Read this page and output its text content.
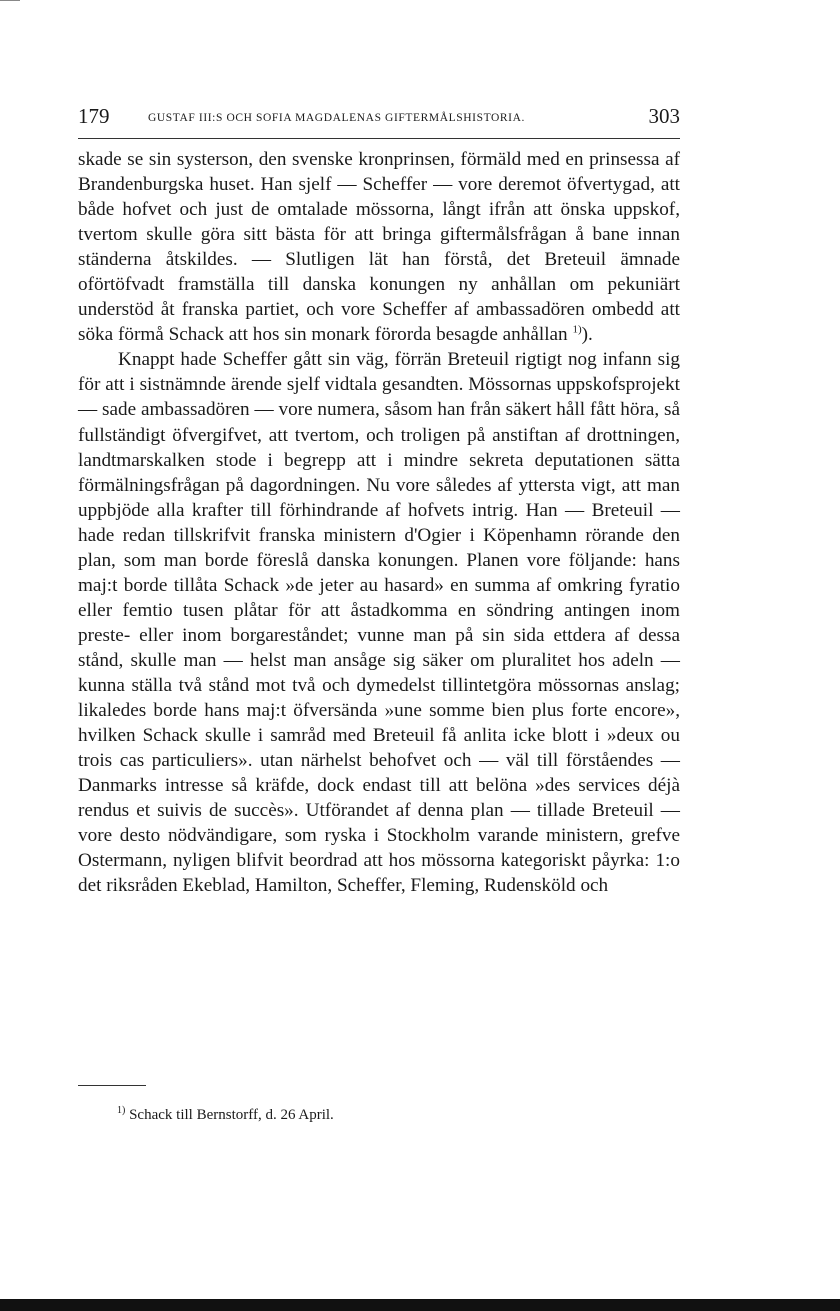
179	GUSTAF III:S OCH SOFIA MAGDALENAS GIFTERMÅLSHISTORIA.	303

skade se sin systerson, den svenske kronprinsen, förmäld med en prinsessa af Brandenburgska huset. Han sjelf — Scheffer — vore deremot öfvertygad, att både hofvet och just de omtalade mössorna, långt ifrån att önska uppskof, tvertom skulle göra sitt bästa för att bringa giftermålsfrågan å bane innan ständerna åtskildes. — Slutligen lät han förstå, det Breteuil ämnade oförtöfvadt framställa till danska konungen ny anhållan om pekuniärt understöd åt franska partiet, och vore Scheffer af ambassadören ombedd att söka förmå Schack att hos sin monark förorda besagde anhållan $^{1)}$).

Knappt hade Scheffer gått sin väg, förrän Breteuil rigtigt nog infann sig för att i sistnämnde ärende sjelf vidtala gesandten. Mössornas uppskofsprojekt — sade ambassadören — vore numera, såsom han från säkert håll fått höra, så fullständigt öfvergifvet, att tvertom, och troligen på anstiftan af drottningen, landtmarskalken stode i begrepp att i mindre sekreta deputationen sätta förmälningsfrågan på dagordningen. Nu vore således af yttersta vigt, att man uppbjöde alla krafter till förhindrande af hofvets intrig. Han — Breteuil — hade redan tillskrifvit franska ministern d'Ogier i Köpenhamn rörande den plan, som man borde föreslå danska konungen. Planen vore följande: hans maj:t borde tillåta Schack »de jeter au hasard» en summa af omkring fyratio eller femtio tusen plåtar för att åstadkomma en söndring antingen inom preste- eller inom borgareståndet; vunne man på sin sida ettdera af dessa stånd, skulle man — helst man ansåge sig säker om pluralitet hos adeln — kunna ställa två stånd mot två och dymedelst tillintetgöra mössornas anslag; likaledes borde hans maj:t öfversända »une somme bien plus forte encore», hvilken Schack skulle i samråd med Breteuil få anlita icke blott i »deux ou trois cas particuliers». utan närhelst behofvet och — väl till förståendes — Danmarks intresse så kräfde, dock endast till att belöna »des services déjà rendus et suivis de succès». Utförandet af denna plan — tillade Breteuil — vore desto nödvändigare, som ryska i Stockholm varande ministern, grefve Ostermann, nyligen blifvit beordrad att hos mössorna kategoriskt påyrka: 1:o det riksråden Ekeblad, Hamilton, Scheffer, Fleming, Rudensköld och

$^{1)}$ Schack till Bernstorff, d. 26 April.
